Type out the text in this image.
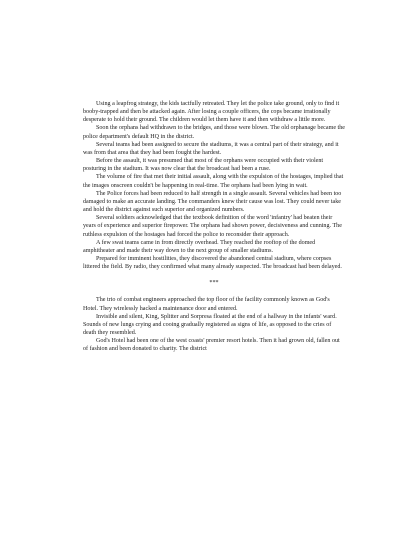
Using a leapfrog strategy, the kids tactfully retreated. They let the police take ground, only to find it booby-trapped and then be attacked again. After losing a couple officers, the cops became irrationally desperate to hold their ground. The children would let them have it and then withdraw a little more.

Soon the orphans had withdrawn to the bridges, and those were blown. The old orphanage became the police department's default HQ in the district.

Several teams had been assigned to secure the stadiums, it was a central part of their strategy, and it was from that area that they had been fought the hardest.

Before the assault, it was presumed that most of the orphans were occupied with their violent posturing in the stadium. It was now clear that the broadcast had been a ruse.

The volume of fire that met their initial assault, along with the expulsion of the hostages, implied that the images onscreen couldn't be happening in real-time. The orphans had been lying in wait.

The Police forces had been reduced to half strength in a single assault. Several vehicles had been too damaged to make an accurate landing. The commanders knew their cause was lost. They could never take and hold the district against such superior and organized numbers.

Several soldiers acknowledged that the textbook definition of the word 'infantry' had beaten their years of experience and superior firepower. The orphans had shown power, decisiveness and cunning. The ruthless expulsion of the hostages had forced the police to reconsider their approach.

A few swat teams came in from directly overhead. They reached the rooftop of the domed amphitheater and made their way down to the next group of smaller stadiums.

Prepared for imminent hostilities, they discovered the abandoned central stadium, where corpses littered the field. By radio, they confirmed what many already suspected. The broadcast had been delayed.

***

The trio of combat engineers approached the top floor of the facility commonly known as God's Hotel. They wirelessly hacked a maintenance door and entered.

Invisible and silent, King, Splitter and Sorpresa floated at the end of a hallway in the infants' ward. Sounds of new lungs crying and cooing gradually registered as signs of life, as opposed to the cries of death they resembled.

God's Hotel had been one of the west coasts' premier resort hotels. Then it had grown old, fallen out of fashion and been donated to charity. The district
